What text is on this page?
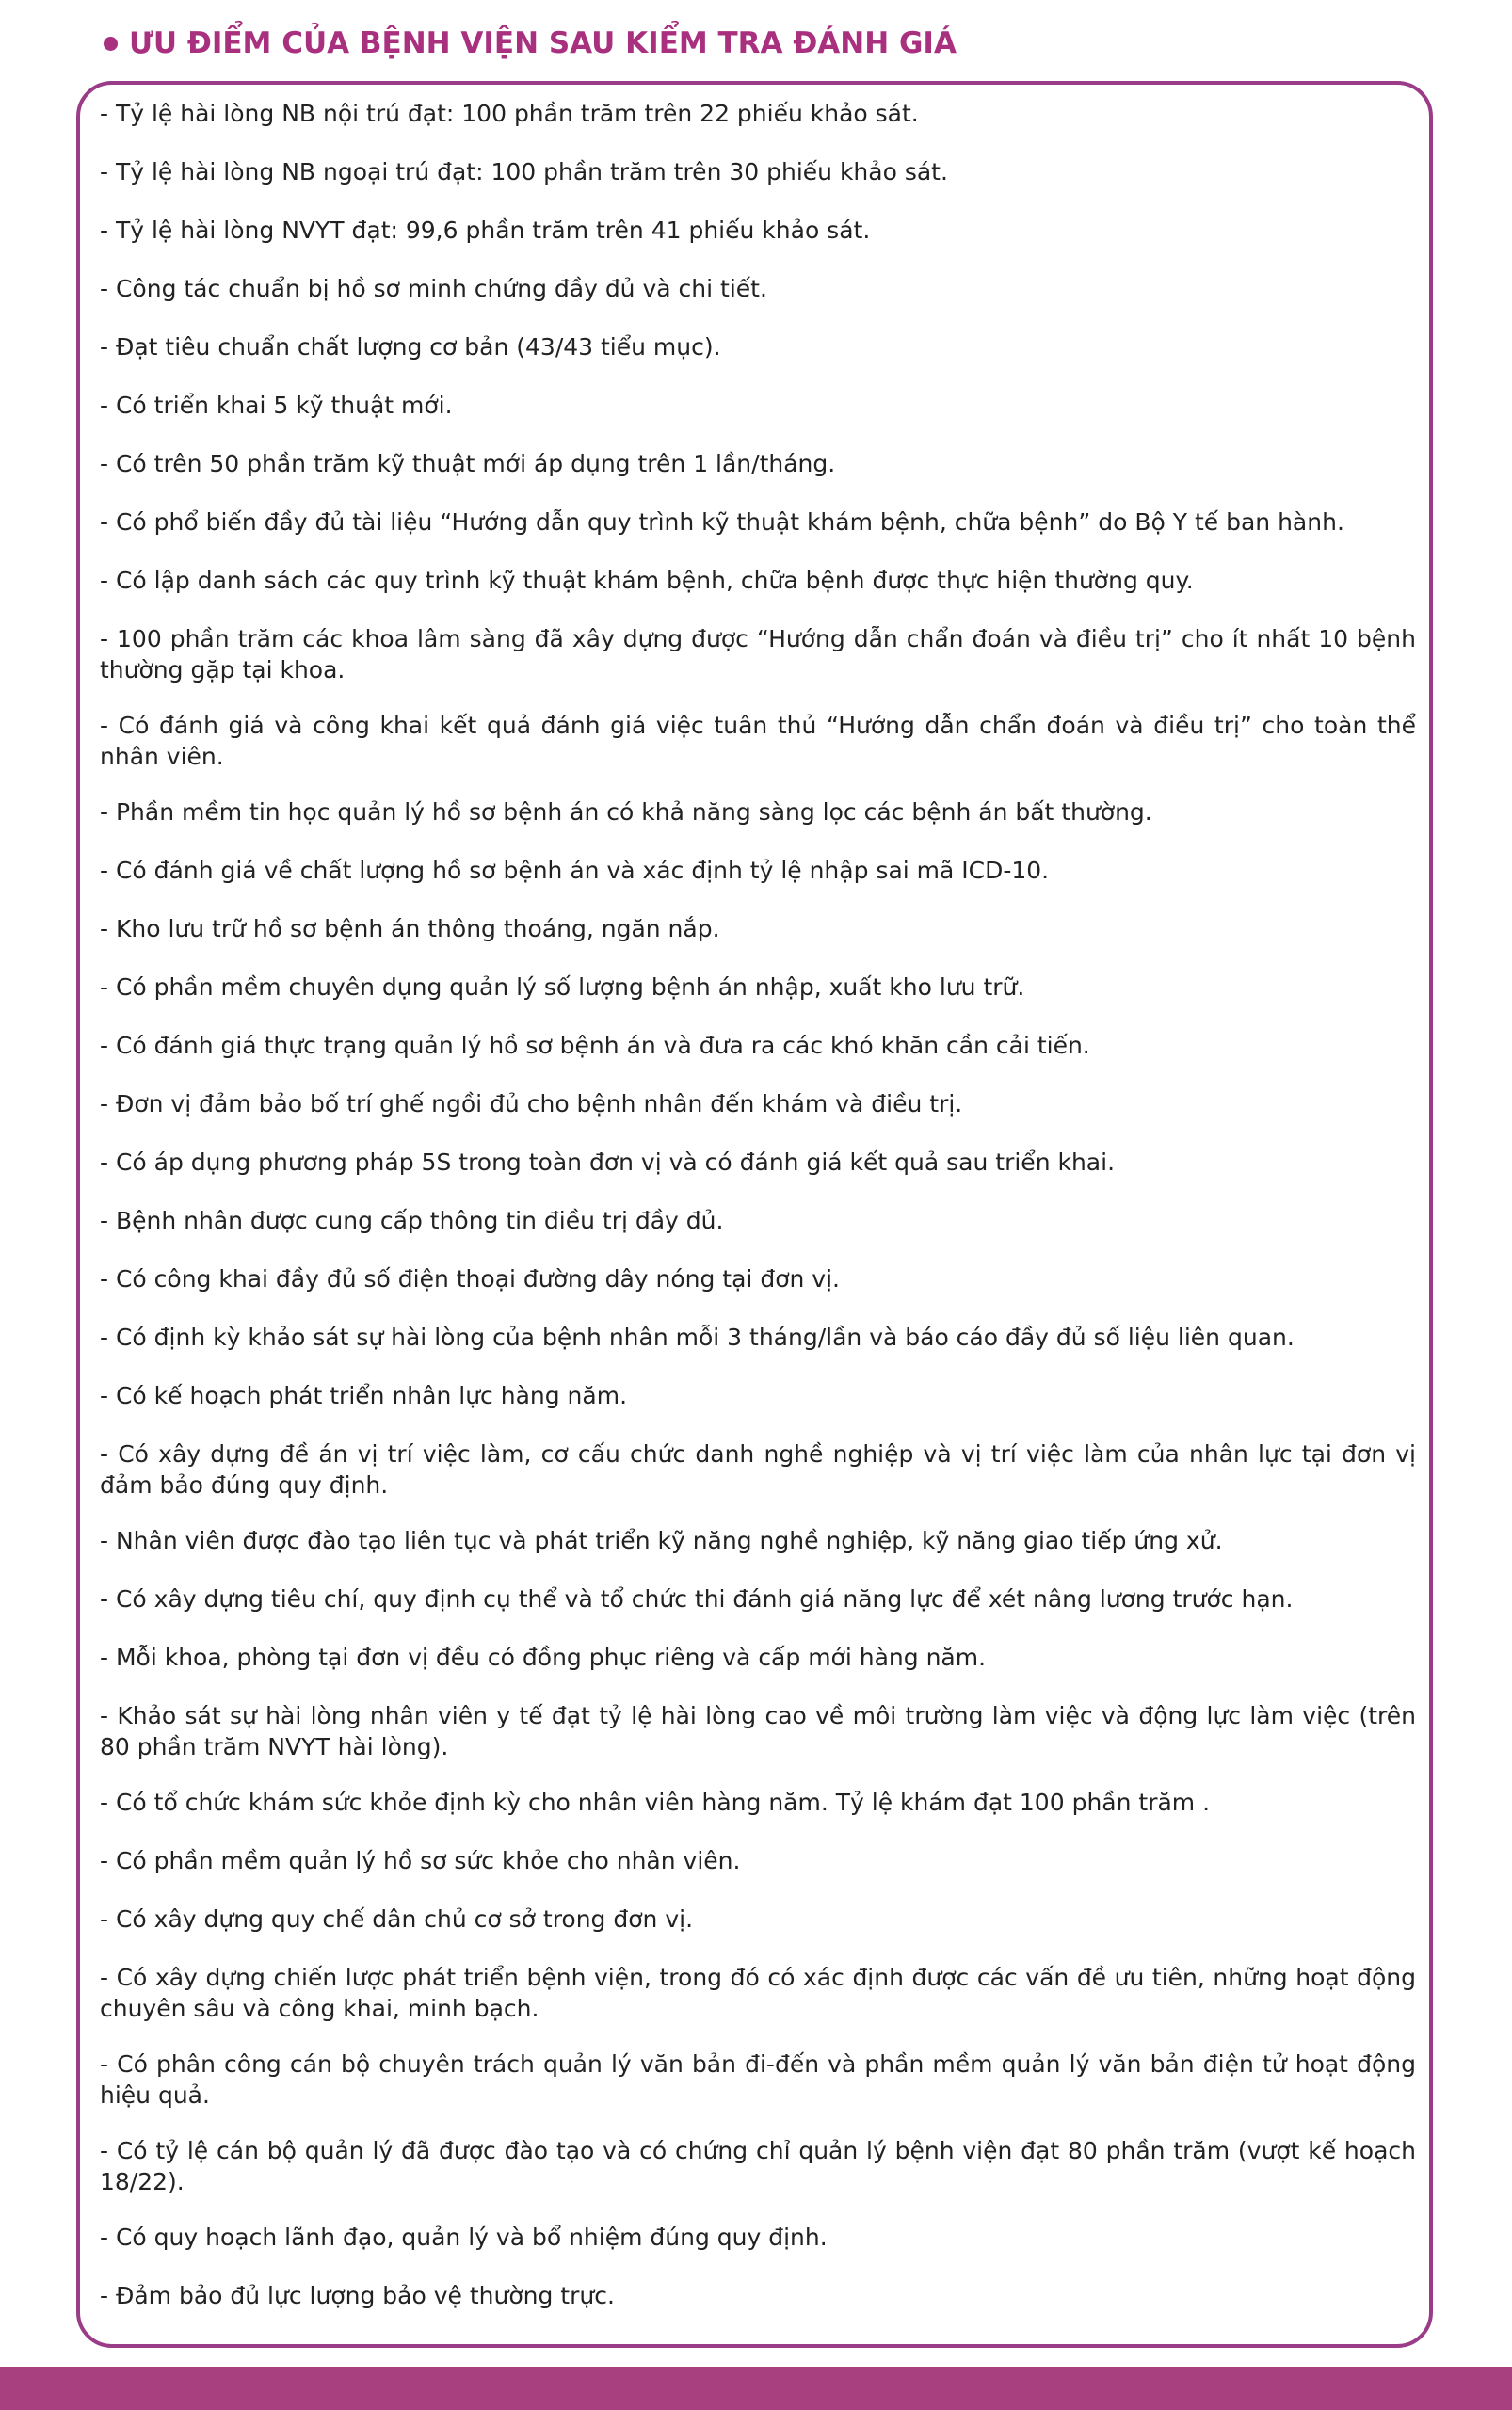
ƯU ĐIỂM CỦA BỆNH VIỆN SAU KIỂM TRA ĐÁNH GIÁ
- Tỷ lệ hài lòng NB nội trú đạt: 100 phần trăm trên 22 phiếu khảo sát.
- Tỷ lệ hài lòng NB ngoại trú đạt: 100 phần trăm trên 30 phiếu khảo sát.
- Tỷ lệ hài lòng NVYT đạt: 99,6 phần trăm trên 41 phiếu khảo sát.
- Công tác chuẩn bị hồ sơ minh chứng đầy đủ và chi tiết.
- Đạt tiêu chuẩn chất lượng cơ bản (43/43 tiểu mục).
- Có triển khai 5 kỹ thuật mới.
- Có trên 50 phần trăm kỹ thuật mới áp dụng trên 1 lần/tháng.
- Có phổ biến đầy đủ tài liệu “Hướng dẫn quy trình kỹ thuật khám bệnh, chữa bệnh” do Bộ Y tế ban hành.
- Có lập danh sách các quy trình kỹ thuật khám bệnh, chữa bệnh được thực hiện thường quy.
- 100 phần trăm các khoa lâm sàng đã xây dựng được “Hướng dẫn chẩn đoán và điều trị” cho ít nhất 10 bệnh thường gặp tại khoa.
- Có đánh giá và công khai kết quả đánh giá việc tuân thủ “Hướng dẫn chẩn đoán và điều trị” cho toàn thể nhân viên.
- Phần mềm tin học quản lý hồ sơ bệnh án có khả năng sàng lọc các bệnh án bất thường.
- Có đánh giá về chất lượng hồ sơ bệnh án và xác định tỷ lệ nhập sai mã ICD-10.
- Kho lưu trữ hồ sơ bệnh án thông thoáng, ngăn nắp.
- Có phần mềm chuyên dụng quản lý số lượng bệnh án nhập, xuất kho lưu trữ.
- Có đánh giá thực trạng quản lý hồ sơ bệnh án và đưa ra các khó khăn cần cải tiến.
- Đơn vị đảm bảo bố trí ghế ngồi đủ cho bệnh nhân đến khám và điều trị.
- Có áp dụng phương pháp 5S trong toàn đơn vị và có đánh giá kết quả sau triển khai.
- Bệnh nhân được cung cấp thông tin điều trị đầy đủ.
- Có công khai đầy đủ số điện thoại đường dây nóng tại đơn vị.
- Có định kỳ khảo sát sự hài lòng của bệnh nhân mỗi 3 tháng/lần và báo cáo đầy đủ số liệu liên quan.
- Có kế hoạch phát triển nhân lực hàng năm.
- Có xây dựng đề án vị trí việc làm, cơ cấu chức danh nghề nghiệp và vị trí việc làm của nhân lực tại đơn vị đảm bảo đúng quy định.
- Nhân viên được đào tạo liên tục và phát triển kỹ năng nghề nghiệp, kỹ năng giao tiếp ứng xử.
- Có xây dựng tiêu chí, quy định cụ thể và tổ chức thi đánh giá năng lực để xét nâng lương trước hạn.
- Mỗi khoa, phòng tại đơn vị đều có đồng phục riêng và cấp mới hàng năm.
- Khảo sát sự hài lòng nhân viên y tế đạt tỷ lệ hài lòng cao về môi trường làm việc và động lực làm việc (trên 80 phần trăm NVYT hài lòng).
- Có tổ chức khám sức khỏe định kỳ cho nhân viên hàng năm. Tỷ lệ khám đạt 100 phần trăm .
- Có phần mềm quản lý hồ sơ sức khỏe cho nhân viên.
- Có xây dựng quy chế dân chủ cơ sở trong đơn vị.
- Có xây dựng chiến lược phát triển bệnh viện, trong đó có xác định được các vấn đề ưu tiên, những hoạt động chuyên sâu và công khai, minh bạch.
- Có phân công cán bộ chuyên trách quản lý văn bản đi-đến và phần mềm quản lý văn bản điện tử hoạt động hiệu quả.
- Có tỷ lệ cán bộ quản lý đã được đào tạo và có chứng chỉ quản lý bệnh viện đạt 80 phần trăm (vượt kế hoạch 18/22).
- Có quy hoạch lãnh đạo, quản lý và bổ nhiệm đúng quy định.
- Đảm bảo đủ lực lượng bảo vệ thường trực.
